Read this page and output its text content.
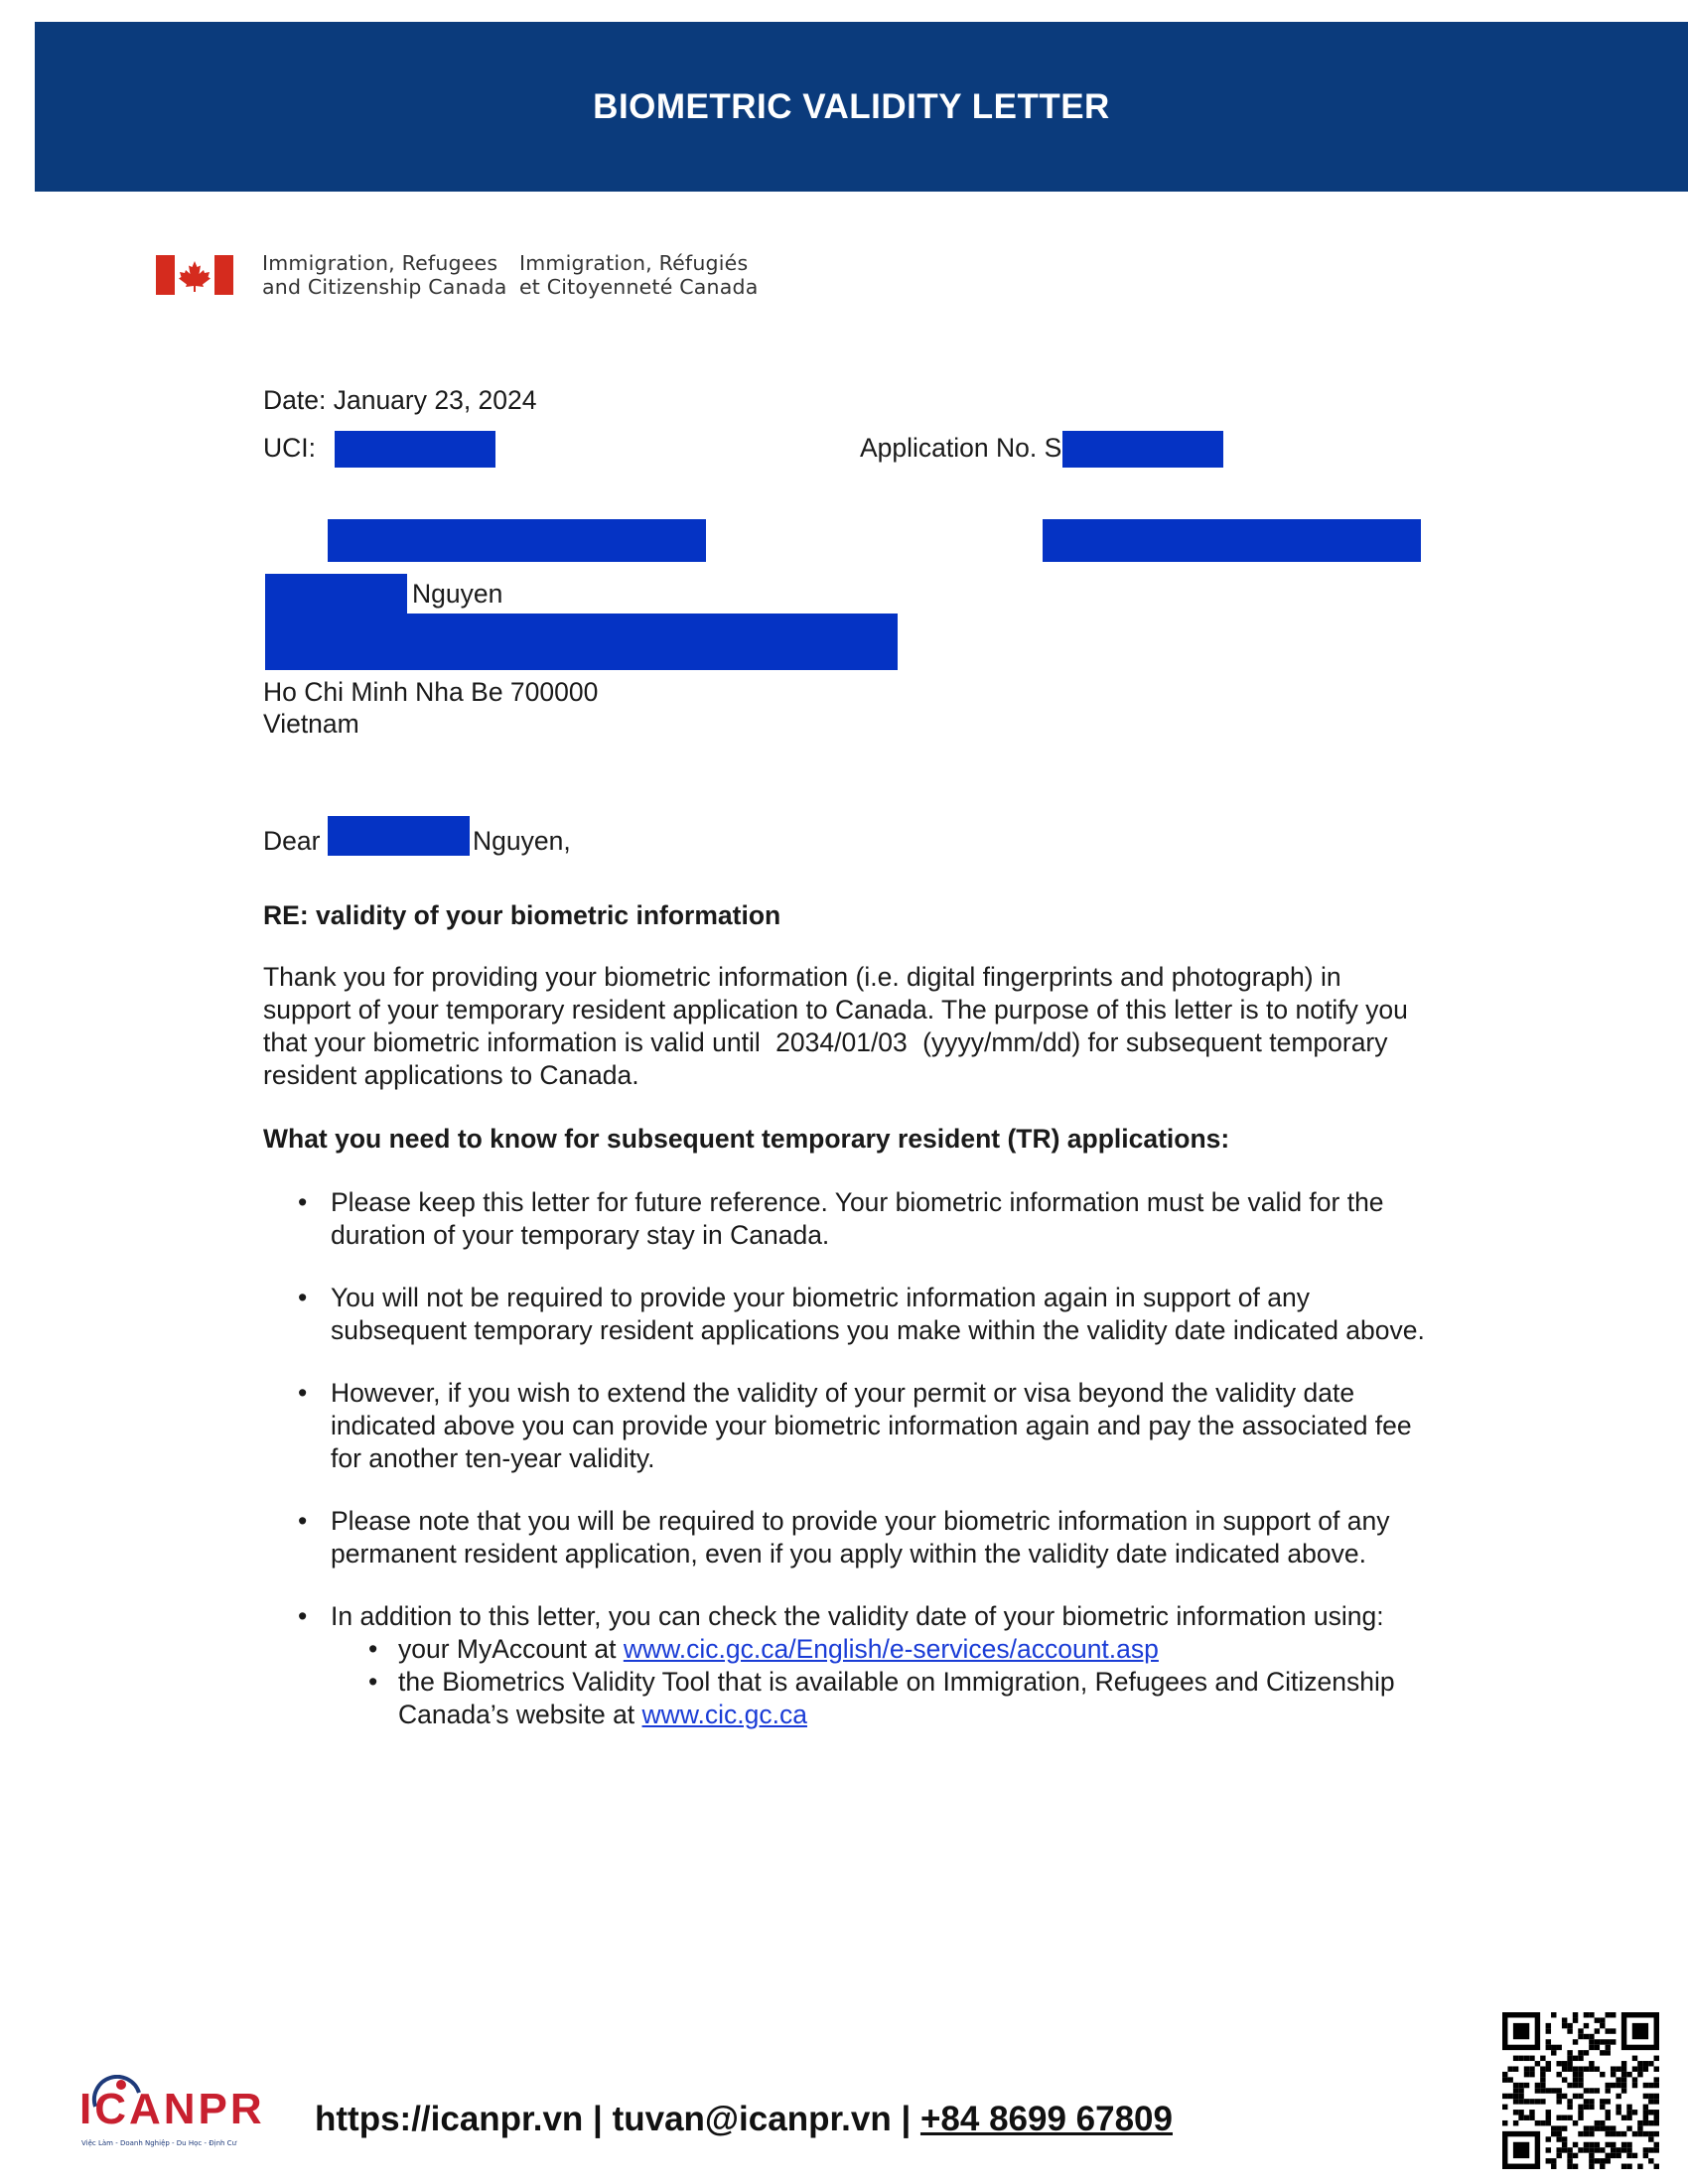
BIOMETRIC VALIDITY LETTER
Immigration, Refugees
and Citizenship Canada
Immigration, Réfugiés
et Citoyenneté Canada
Date: January 23, 2024
UCI:	Application No. S
Nguyen
Ho Chi Minh Nha Be 700000
Vietnam
Dear	Nguyen,
RE: validity of your biometric information
Thank you for providing your biometric information (i.e. digital fingerprints and photograph) in support of your temporary resident application to Canada. The purpose of this letter is to notify you that your biometric information is valid until 2034/01/03 (yyyy/mm/dd) for subsequent temporary resident applications to Canada.
What you need to know for subsequent temporary resident (TR) applications:
• Please keep this letter for future reference. Your biometric information must be valid for the duration of your temporary stay in Canada.
• You will not be required to provide your biometric information again in support of any subsequent temporary resident applications you make within the validity date indicated above.
• However, if you wish to extend the validity of your permit or visa beyond the validity date indicated above you can provide your biometric information again and pay the associated fee for another ten-year validity.
• Please note that you will be required to provide your biometric information in support of any permanent resident application, even if you apply within the validity date indicated above.
• In addition to this letter, you can check the validity date of your biometric information using:
• your MyAccount at www.cic.gc.ca/English/e-services/account.asp
• the Biometrics Validity Tool that is available on Immigration, Refugees and Citizenship Canada’s website at www.cic.gc.ca
ICANPR
Việc Làm - Doanh Nghiệp - Du Học - Định Cư
https://icanpr.vn | tuvan@icanpr.vn | +84 8699 67809
